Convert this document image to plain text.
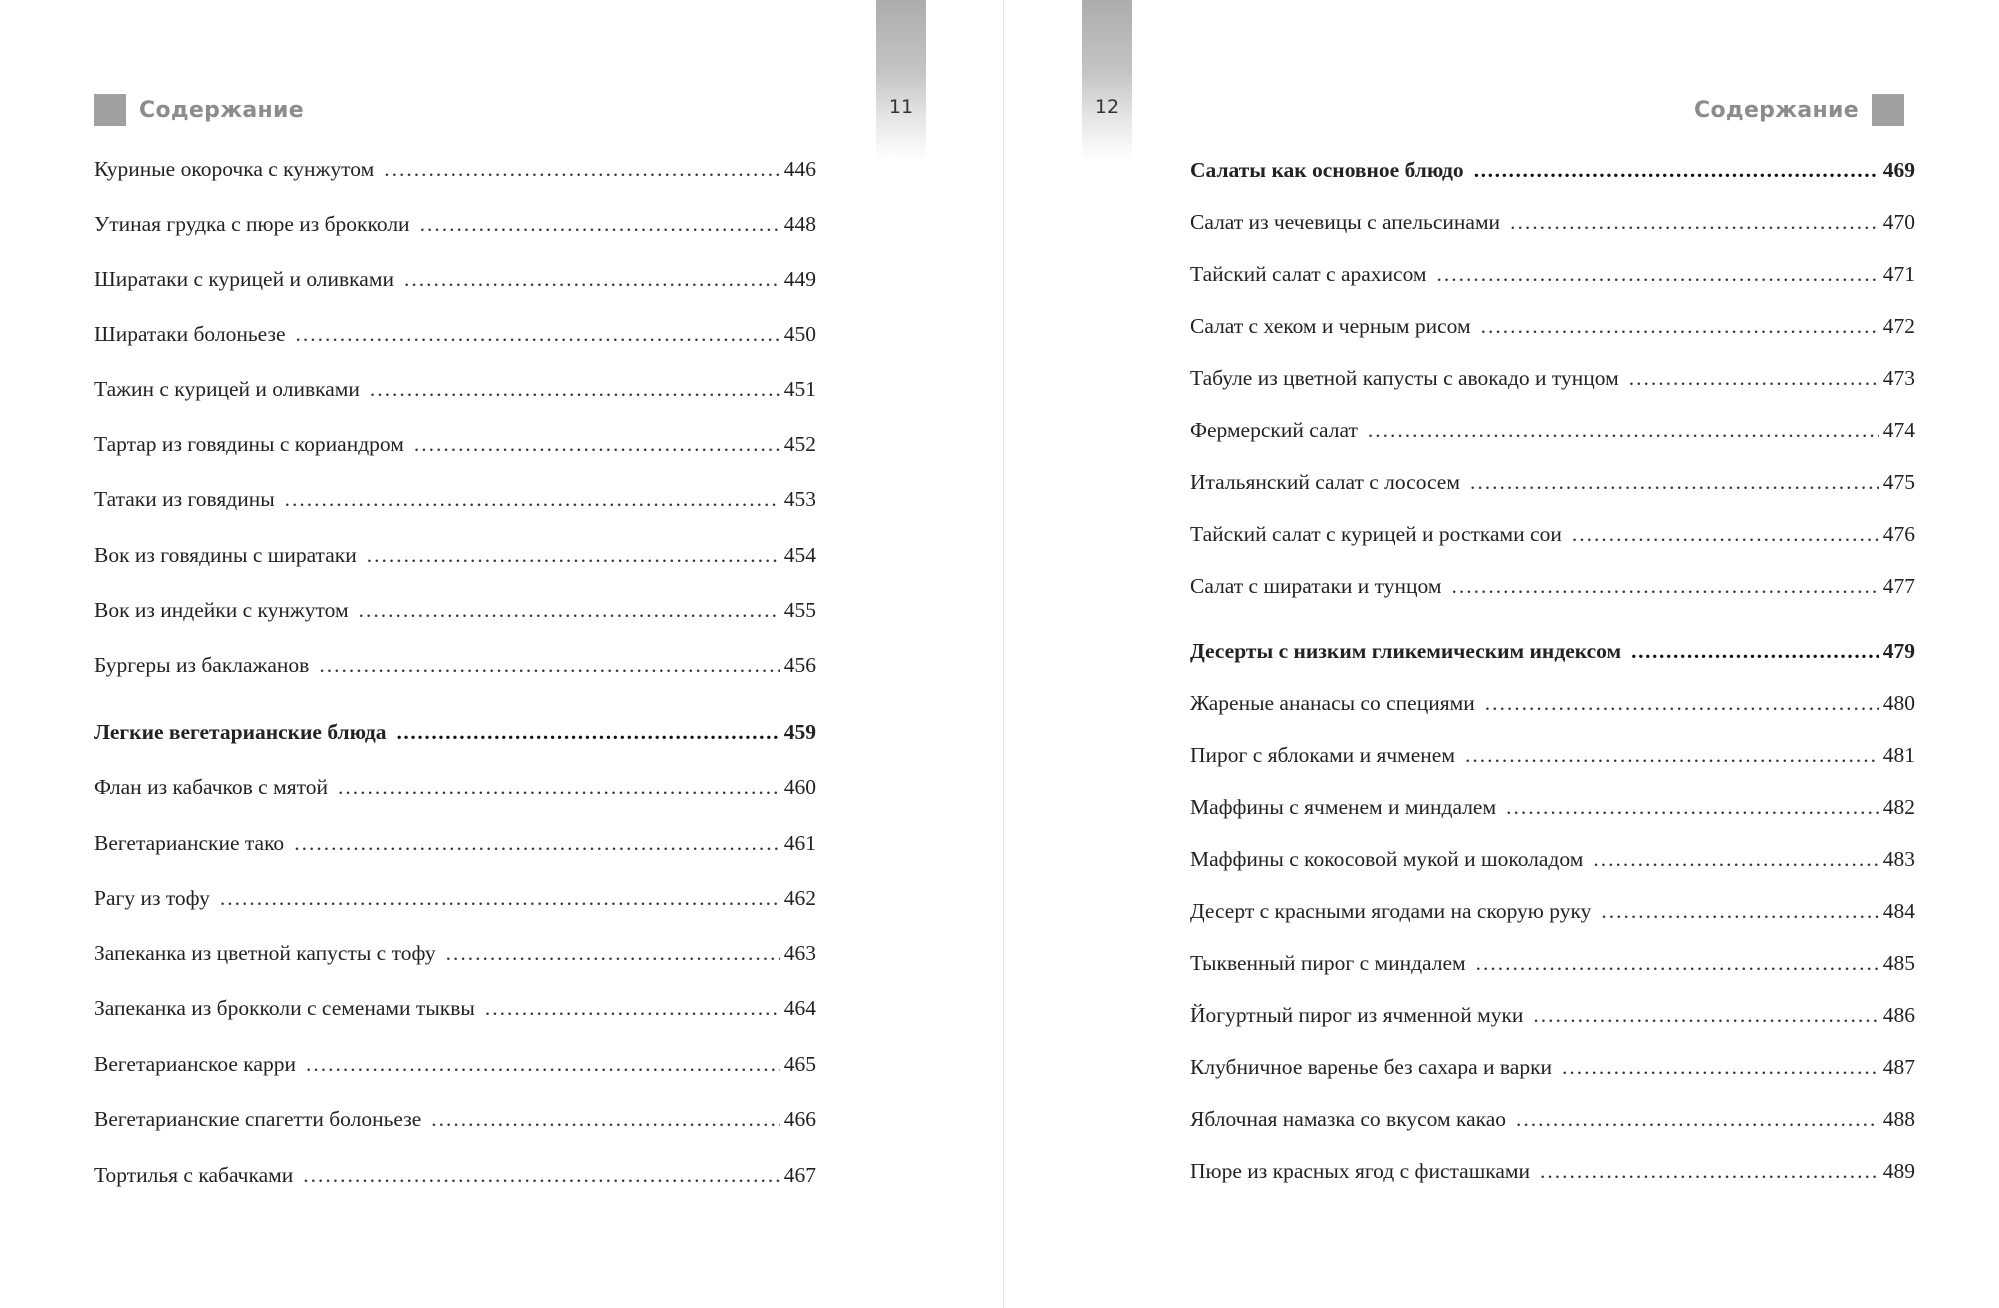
11
Содержание
Куриные окорочка с кунжутом .....	446
Утиная грудка с пюре из брокколи .....	448
Ширатаки с курицей и оливками .....	449
Ширатаки болоньезе .....	450
Тажин с курицей и оливками .....	451
Тартар из говядины с кориандром .....	452
Татаки из говядины .....	453
Вок из говядины с ширатаки .....	454
Вок из индейки с кунжутом .....	455
Бургеры из баклажанов .....	456
Легкие вегетарианские блюда .....	459
Флан из кабачков с мятой .....	460
Вегетарианские тако .....	461
Рагу из тофу .....	462
Запеканка из цветной капусты с тофу .....	463
Запеканка из брокколи с семенами тыквы .....	464
Вегетарианское карри .....	465
Вегетарианские спагетти болоньезе .....	466
Тортилья с кабачками .....	467
12	Содержание
Салаты как основное блюдо .....	469
Салат из чечевицы с апельсинами .....	470
Тайский салат с арахисом .....	471
Салат с хеком и черным рисом .....	472
Табуле из цветной капусты с авокадо и тунцом .....	473
Фермерский салат .....	474
Итальянский салат с лососем .....	475
Тайский салат с курицей и ростками сои .....	476
Салат с ширатаки и тунцом .....	477
Десерты с низким гликемическим индексом .....	479
Жареные ананасы со специями .....	480
Пирог с яблоками и ячменем .....	481
Маффины с ячменем и миндалем .....	482
Маффины с кокосовой мукой и шоколадом .....	483
Десерт с красными ягодами на скорую руку .....	484
Тыквенный пирог с миндалем .....	485
Йогуртный пирог из ячменной муки .....	486
Клубничное варенье без сахара и варки .....	487
Яблочная намазка со вкусом какао .....	488
Пюре из красных ягод с фисташками .....	489
